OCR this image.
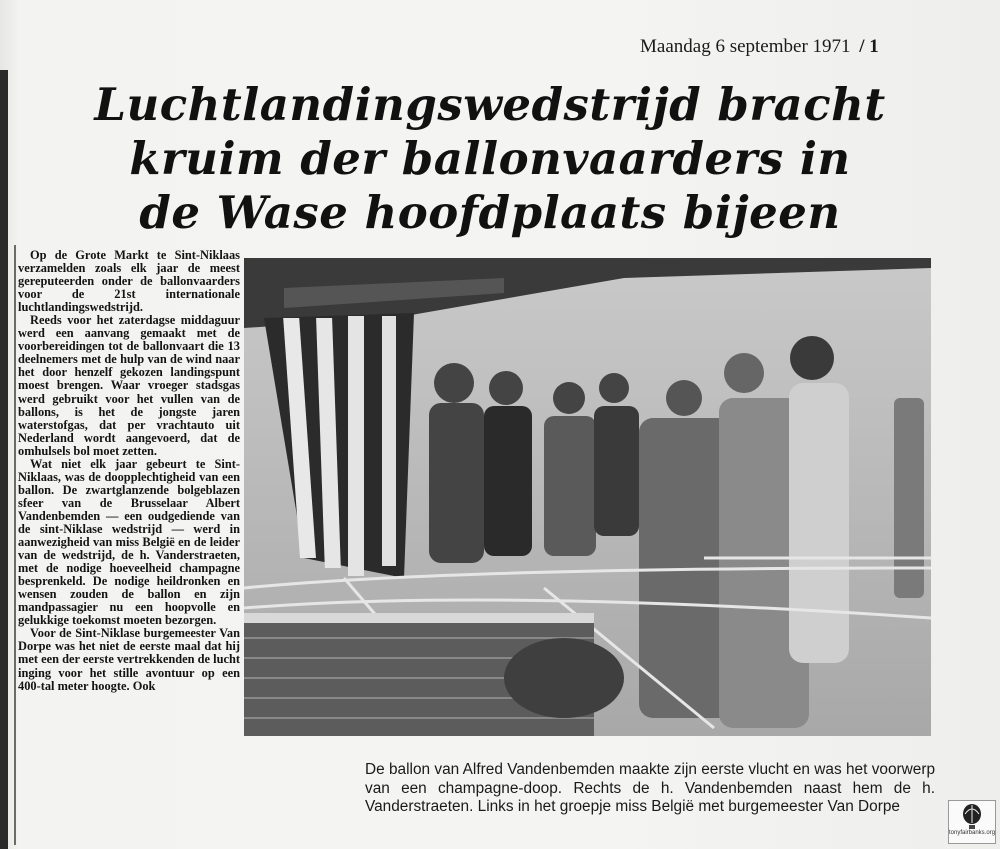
Maandag 6 september 1971 / 1
Luchtlandingswedstrijd bracht
kruim der ballonvaarders in
de Wase hoofdplaats bijeen

Op de Grote Markt te Sint-Niklaas verzamelden zoals elk jaar de meest gereputeerden onder de ballonvaarders voor de 21st internationale luchtlandingswedstrijd.

Reeds voor het zaterdagse middaguur werd een aanvang gemaakt met de voorbereidingen tot de ballonvaart die 13 deelnemers met de hulp van de wind naar het door henzelf gekozen landingspunt moest brengen. Waar vroeger stadsgas werd gebruikt voor het vullen van de ballons, is het de jongste jaren waterstofgas, dat per vrachtauto uit Nederland wordt aangevoerd, dat de omhulsels bol moet zetten.

Wat niet elk jaar gebeurt te Sint-Niklaas, was de doopplechtigheid van een ballon. De zwartglanzende bolgeblazen sfeer van de Brusselaar Albert Vandenbemden — een oudgediende van de sint-Niklase wedstrijd — werd in aanwezigheid van miss België en de leider van de wedstrijd, de h. Vanderstraeten, met de nodige hoeveelheid champagne besprenkeld. De nodige heildronken en wensen zouden de ballon en zijn mandpassagier nu een hoopvolle en gelukkige toekomst moeten bezorgen.

Voor de Sint-Niklase burgemeester Van Dorpe was het niet de eerste maal dat hij met een der eerste vertrekkenden de lucht inging voor het stille avontuur op een 400-tal meter hoogte. Ook

De ballon van Alfred Vandenbemden maakte zijn eerste vlucht en was het voorwerp van een champagne-doop. Rechts de h. Vandenbemden naast hem de h. Vanderstraeten. Links in het groepje miss België met burgemeester Van Dorpe
tonyfairbanks.org
